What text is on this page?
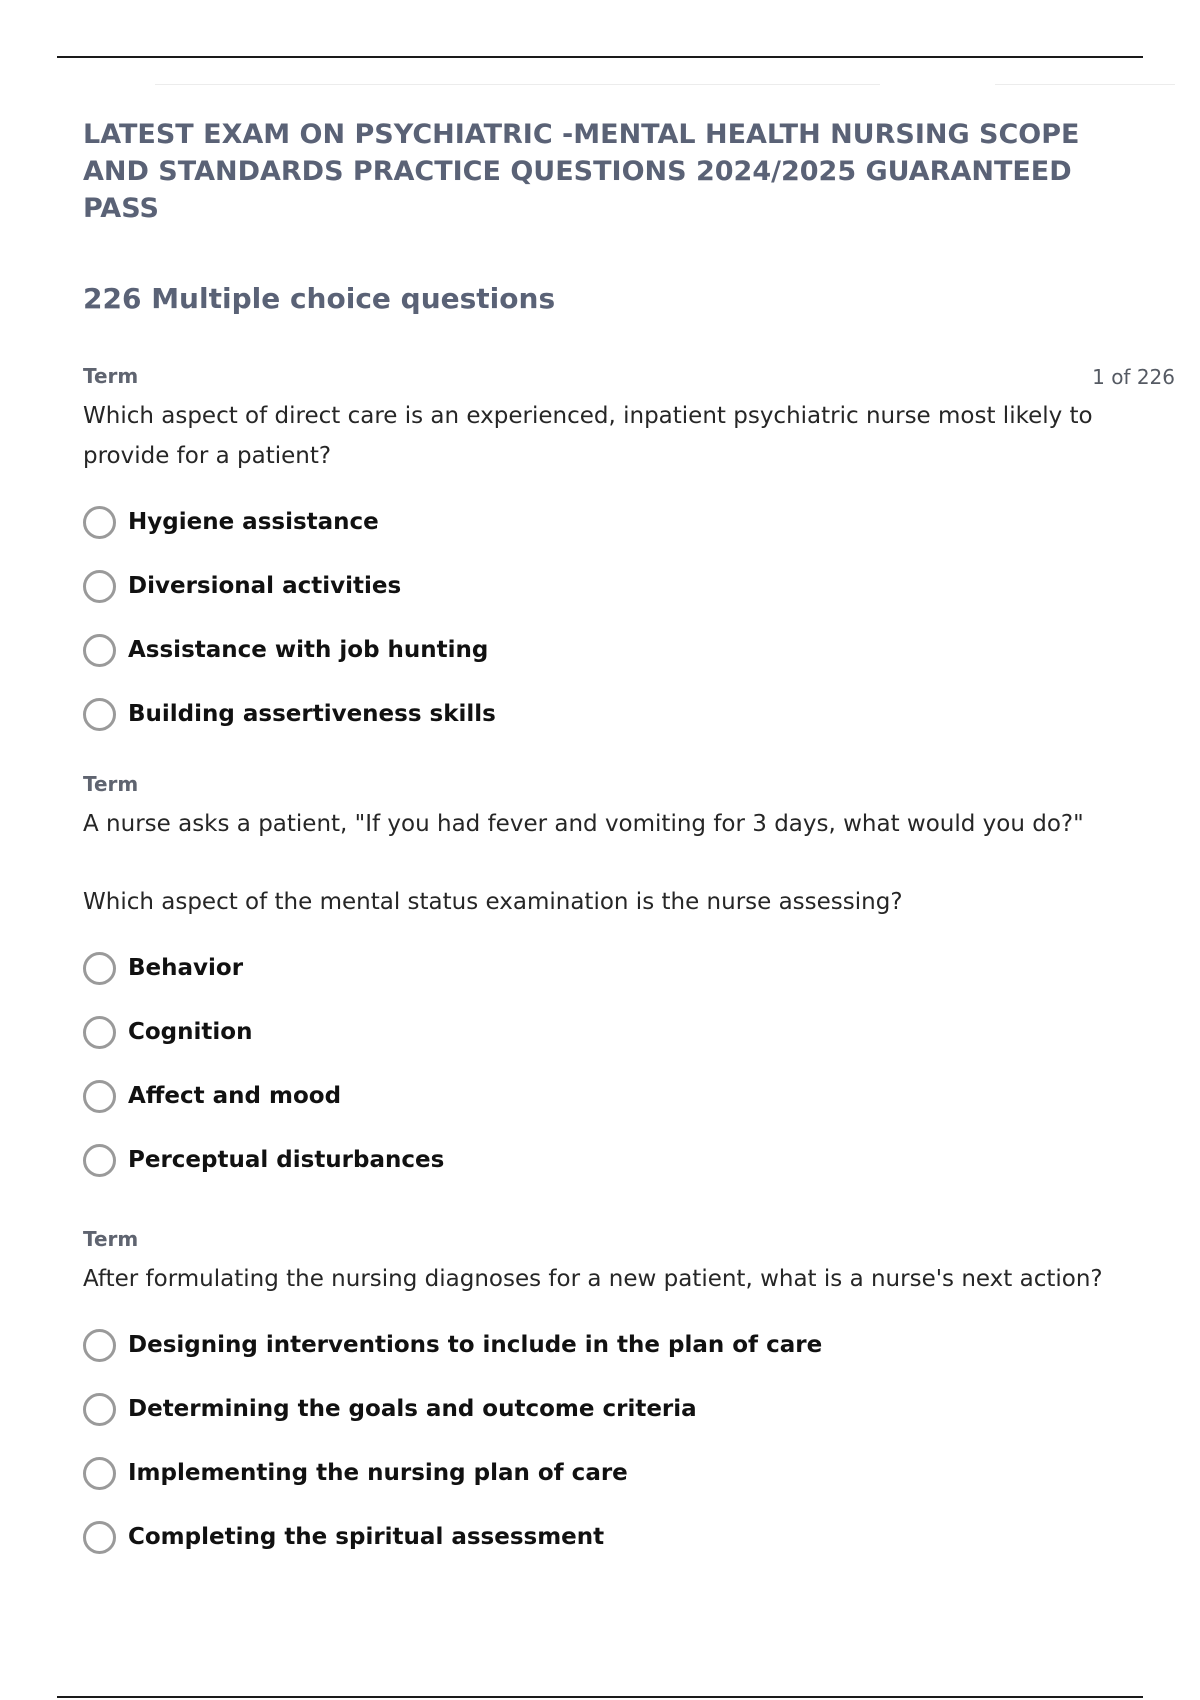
LATEST EXAM ON PSYCHIATRIC -MENTAL HEALTH NURSING SCOPE AND STANDARDS PRACTICE QUESTIONS 2024/2025 GUARANTEED PASS
226 Multiple choice questions
1 of 226
Term
Which aspect of direct care is an experienced, inpatient psychiatric nurse most likely to provide for a patient?
Hygiene assistance
Diversional activities
Assistance with job hunting
Building assertiveness skills
Term
A nurse asks a patient, "If you had fever and vomiting for 3 days, what would you do?"
Which aspect of the mental status examination is the nurse assessing?
Behavior
Cognition
Affect and mood
Perceptual disturbances
Term
After formulating the nursing diagnoses for a new patient, what is a nurse's next action?
Designing interventions to include in the plan of care
Determining the goals and outcome criteria
Implementing the nursing plan of care
Completing the spiritual assessment
